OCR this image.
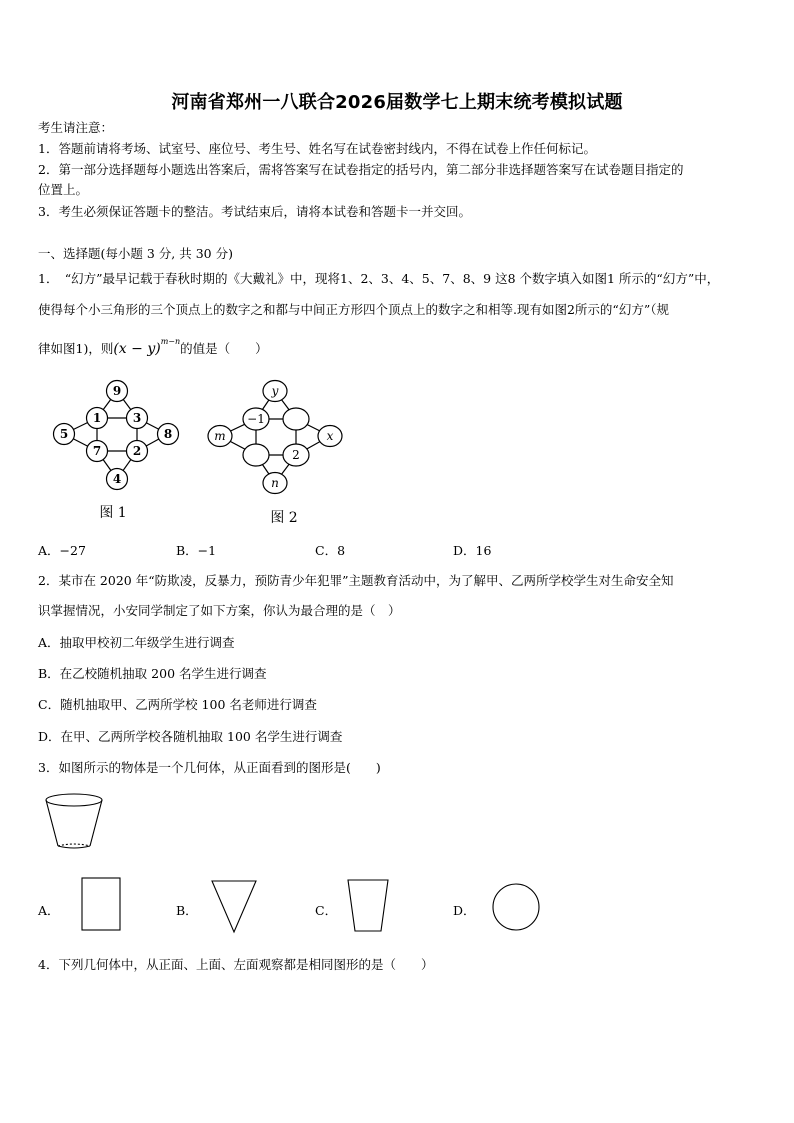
河南省郑州一八联合2026届数学七上期末统考模拟试题
考生请注意：
1．答题前请将考场、试室号、座位号、考生号、姓名写在试卷密封线内，不得在试卷上作任何标记。
2．第一部分选择题每小题选出答案后，需将答案写在试卷指定的括号内，第二部分非选择题答案写在试卷题目指定的
位置上。
3．考生必须保证答题卡的整洁。考试结束后，请将本试卷和答题卡一并交回。
一、选择题(每小题 3 分, 共 30 分)
1．　“幻方”最早记载于春秋时期的《大戴礼》中，现将1、2、3、4、5、7、8、9 这8 个数字填入如图1 所示的“幻方”中，
使得每个小三角形的三个顶点上的数字之和都与中间正方形四个顶点上的数字之和相等.现有如图2所示的“幻方”（规
律如图1)，则$(x - y)^{m-n}$的值是（　　）
9
1	3
5	8
7	2
4
图 1
y
−1
m	x
2
n
图 2
A．−27	B．−1	C．8	D．16
2．某市在 2020 年“防欺凌，反暴力，预防青少年犯罪”主题教育活动中，为了解甲、乙两所学校学生对生命安全知
识掌握情况，小安同学制定了如下方案，你认为最合理的是（　）
A．抽取甲校初二年级学生进行调查
B．在乙校随机抽取 200 名学生进行调查
C．随机抽取甲、乙两所学校 100 名老师进行调查
D．在甲、乙两所学校各随机抽取 100 名学生进行调查
3．如图所示的物体是一个几何体，从正面看到的图形是(　　)
A．	B．	C．	D．
4．下列几何体中，从正面、上面、左面观察都是相同图形的是（　　）
